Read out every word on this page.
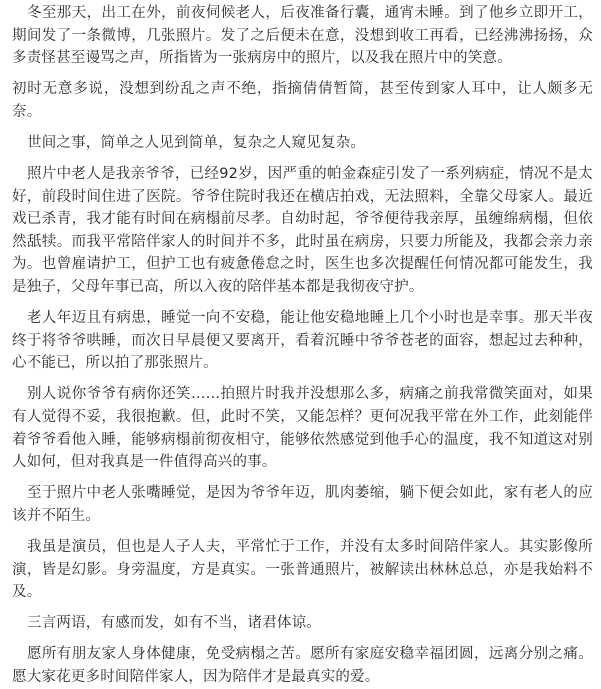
冬至那天，出工在外，前夜伺候老人，后夜准备行囊，通宵未睡。到了他乡立即开工，期间发了一条微博，几张照片。发了之后便未在意，没想到收工再看，已经沸沸扬扬，众多责怪甚至谩骂之声，所指皆为一张病房中的照片，以及我在照片中的笑意。

初时无意多说，没想到纷乱之声不绝，指摘倩倩暂简，甚至传到家人耳中，让人颇多无奈。

世间之事，简单之人见到简单，复杂之人窥见复杂。

照片中老人是我亲爷爷，已经92岁，因严重的帕金森症引发了一系列病症，情况不是太好，前段时间住进了医院。爷爷住院时我还在横店拍戏，无法照料，全靠父母家人。最近戏已杀青，我才能有时间在病榻前尽孝。自幼时起，爷爷便待我亲厚，虽缠绵病榻，但依然舐犊。而我平常陪伴家人的时间并不多，此时虽在病房，只要力所能及，我都会亲力亲为。也曾雇请护工，但护工也有疲惫倦怠之时，医生也多次提醒任何情况都可能发生，我是独子，父母年事已高，所以入夜的陪伴基本都是我彻夜守护。

老人年迈且有病患，睡觉一向不安稳，能让他安稳地睡上几个小时也是幸事。那天半夜终于将爷爷哄睡，而次日早晨便又要离开，看着沉睡中爷爷苍老的面容，想起过去种种，心不能已，所以拍了那张照片。

别人说你爷爷有病你还笑……拍照片时我并没想那么多，病痛之前我常微笑面对，如果有人觉得不妥，我很抱歉。但，此时不笑，又能怎样？更何况我平常在外工作，此刻能伴着爷爷看他入睡，能够病榻前彻夜相守，能够依然感觉到他手心的温度，我不知道这对别人如何，但对我真是一件值得高兴的事。

至于照片中老人张嘴睡觉，是因为爷爷年迈，肌肉萎缩，躺下便会如此，家有老人的应该并不陌生。

我虽是演员，但也是人子人夫，平常忙于工作，并没有太多时间陪伴家人。其实影像所演，皆是幻影。身旁温度，方是真实。一张普通照片，被解读出林林总总，亦是我始料不及。

三言两语，有感而发，如有不当，诸君体谅。

愿所有朋友家人身体健康，免受病榻之苦。愿所有家庭安稳幸福团圆，远离分别之痛。愿大家花更多时间陪伴家人，因为陪伴才是最真实的爱。
